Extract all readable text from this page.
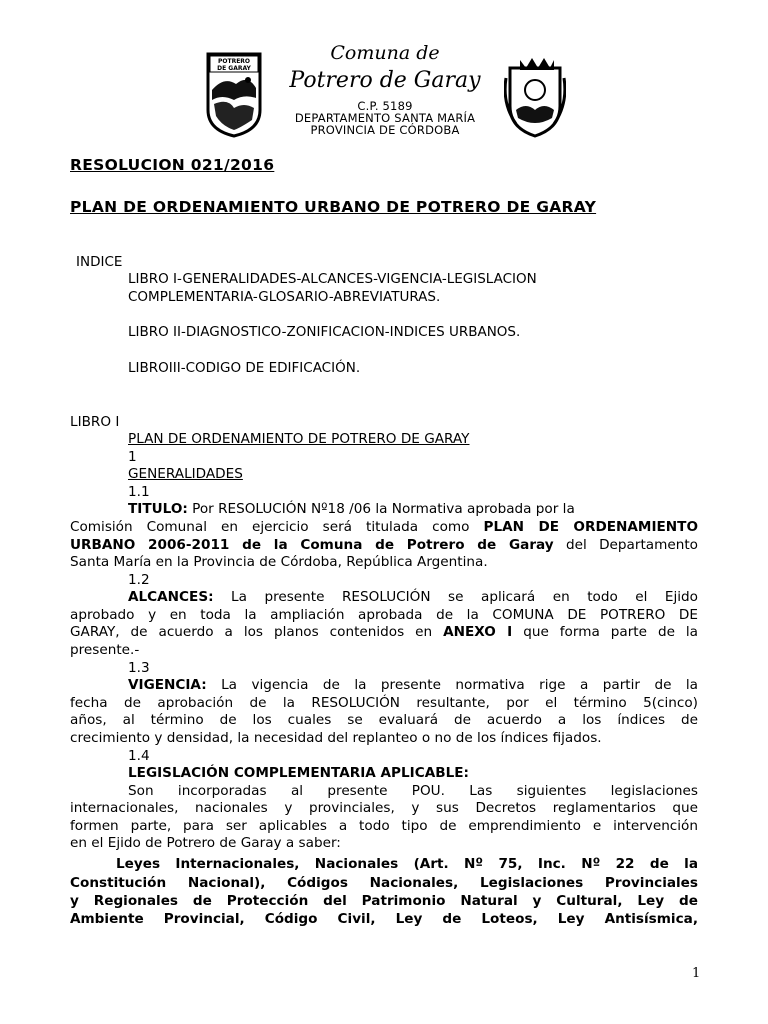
POTRERO
DE GARAY
Comuna de
Potrero de Garay
C.P. 5189
DEPARTAMENTO SANTA MARÍA
PROVINCIA DE CÓRDOBA
RESOLUCION 021/2016
PLAN DE ORDENAMIENTO URBANO DE POTRERO DE GARAY
INDICE
LIBRO I-GENERALIDADES-ALCANCES-VIGENCIA-LEGISLACION
COMPLEMENTARIA-GLOSARIO-ABREVIATURAS.
LIBRO II-DIAGNOSTICO-ZONIFICACION-INDICES URBANOS.
LIBROIII-CODIGO DE EDIFICACIÓN.
LIBRO I
PLAN DE ORDENAMIENTO DE POTRERO DE GARAY
1
GENERALIDADES
1.1
TITULO: Por RESOLUCIÓN Nº18 /06 la Normativa aprobada por la
Comisión Comunal en ejercicio será titulada como PLAN DE ORDENAMIENTO
URBANO 2006-2011 de la Comuna de Potrero de Garay del Departamento
Santa María en la Provincia de Córdoba, República Argentina.
1.2
ALCANCES: La presente RESOLUCIÓN se aplicará en todo el Ejido
aprobado y en toda la ampliación aprobada de la COMUNA DE POTRERO DE
GARAY, de acuerdo a los planos contenidos en ANEXO I que forma parte de la
presente.-
1.3
VIGENCIA: La vigencia de la presente normativa rige a partir de la
fecha de aprobación de la RESOLUCIÓN resultante, por el término 5(cinco)
años, al término de los cuales se evaluará de acuerdo a los índices de
crecimiento y densidad, la necesidad del replanteo o no de los índices fijados.
1.4
LEGISLACIÓN COMPLEMENTARIA APLICABLE:
Son incorporadas al presente POU. Las siguientes legislaciones
internacionales, nacionales y provinciales, y sus Decretos reglamentarios que
formen parte, para ser aplicables a todo tipo de emprendimiento e intervención
en el Ejido de Potrero de Garay a saber:
Leyes Internacionales, Nacionales (Art. Nº 75, Inc. Nº 22 de la
Constitución Nacional), Códigos Nacionales, Legislaciones Provinciales
y Regionales de Protección del Patrimonio Natural y Cultural, Ley de
Ambiente Provincial, Código Civil, Ley de Loteos, Ley Antisísmica,
1
